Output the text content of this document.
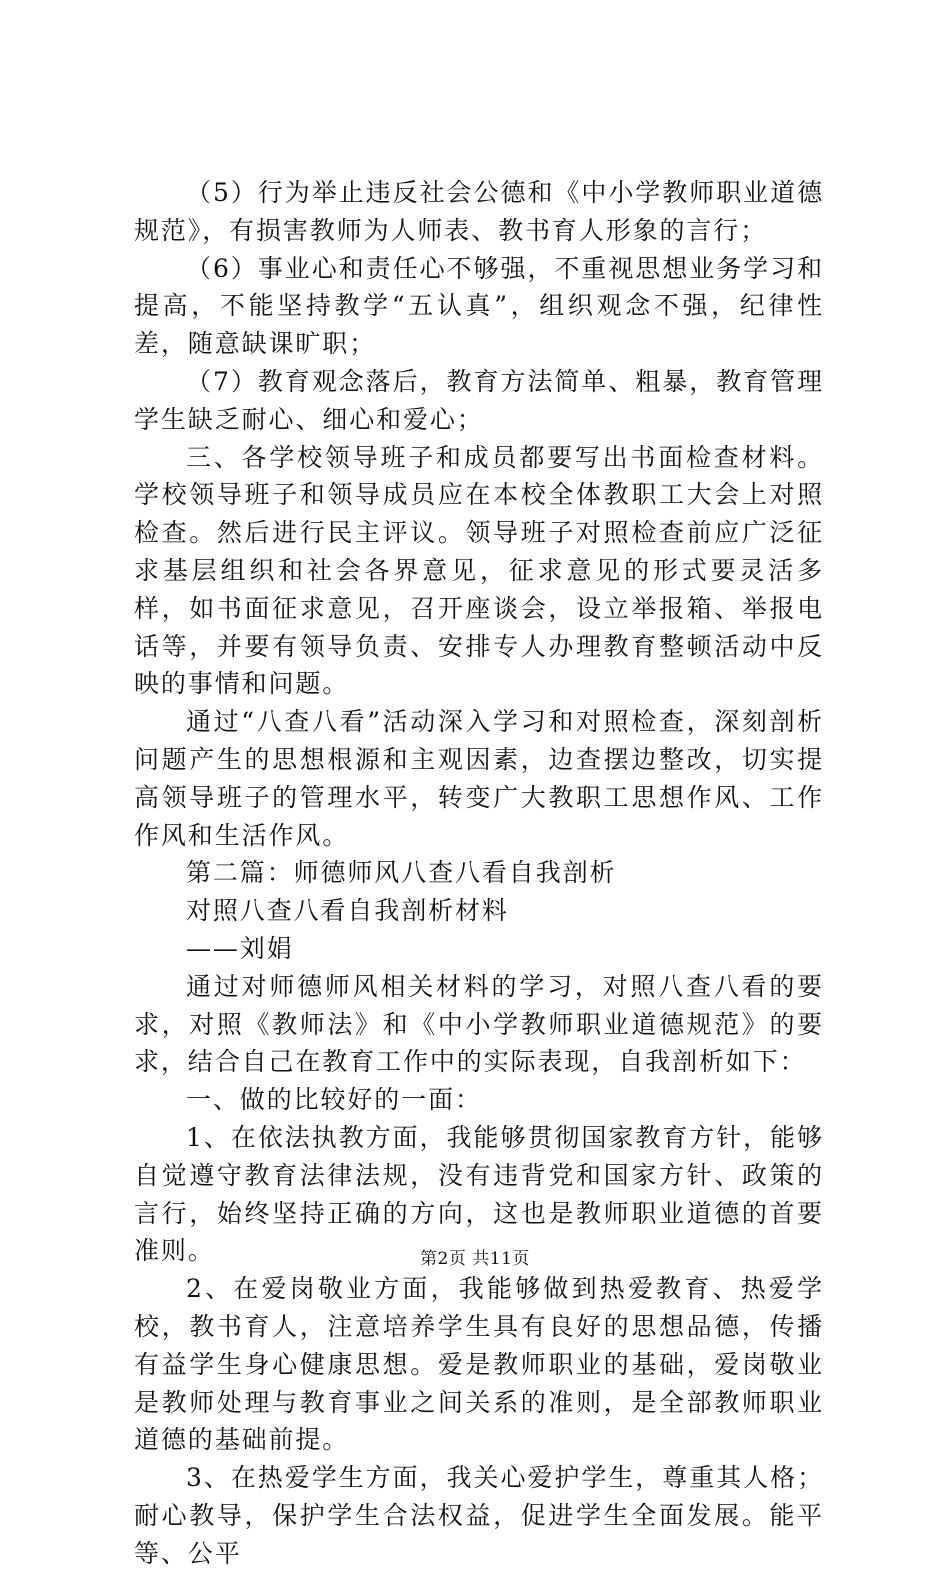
（5）行为举止违反社会公德和《中小学教师职业道德规范》，有损害教师为人师表、教书育人形象的言行；

（6）事业心和责任心不够强，不重视思想业务学习和提高，不能坚持教学“五认真”，组织观念不强，纪律性差，随意缺课旷职；

（7）教育观念落后，教育方法简单、粗暴，教育管理学生缺乏耐心、细心和爱心；

三、各学校领导班子和成员都要写出书面检查材料。学校领导班子和领导成员应在本校全体教职工大会上对照检查。然后进行民主评议。领导班子对照检查前应广泛征求基层组织和社会各界意见，征求意见的形式要灵活多样，如书面征求意见，召开座谈会，设立举报箱、举报电话等，并要有领导负责、安排专人办理教育整顿活动中反映的事情和问题。

通过“八查八看”活动深入学习和对照检查，深刻剖析问题产生的思想根源和主观因素，边查摆边整改，切实提高领导班子的管理水平，转变广大教职工思想作风、工作作风和生活作风。

第二篇：师德师风八查八看自我剖析

对照八查八看自我剖析材料

——刘娟

通过对师德师风相关材料的学习，对照八查八看的要求，对照《教师法》和《中小学教师职业道德规范》的要求，结合自己在教育工作中的实际表现，自我剖析如下：

一、做的比较好的一面：

1、在依法执教方面，我能够贯彻国家教育方针，能够自觉遵守教育法律法规，没有违背党和国家方针、政策的言行，始终坚持正确的方向，这也是教师职业道德的首要准则。

2、在爱岗敬业方面，我能够做到热爱教育、热爱学校，教书育人，注意培养学生具有良好的思想品德，传播有益学生身心健康思想。爱是教师职业的基础，爱岗敬业是教师处理与教育事业之间关系的准则，是全部教师职业道德的基础前提。

3、在热爱学生方面，我关心爱护学生，尊重其人格；耐心教导，保护学生合法权益，促进学生全面发展。能平等、公平

第2页 共11页
